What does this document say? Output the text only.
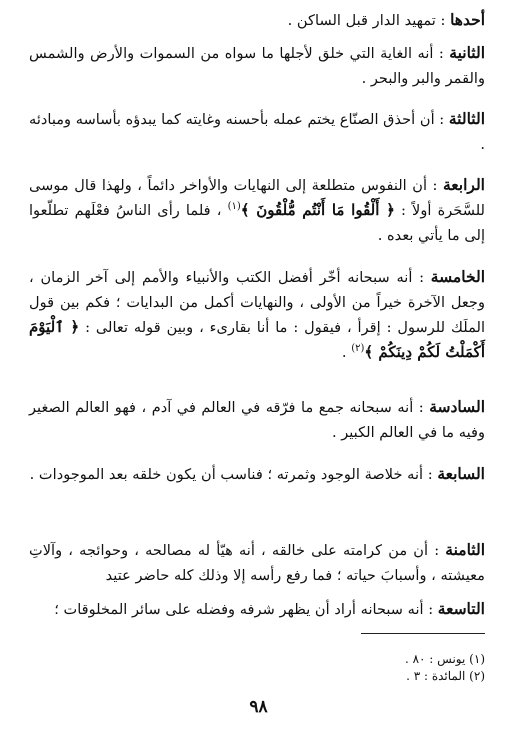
أحدها : تمهيد الدار قبل الساكن .
الثانية : أنه الغاية التي خلق لأجلها ما سواه من السموات والأرض والشمس والقمر والبر والبحر .
الثالثة : أن أحذق الصنّاع يختم عمله بأحسنه وغايته كما يبدؤه بأساسه ومبادئه .
الرابعة : أن النفوس متطلعة إلى النهايات والأواخر دائماً ، ولهذا قال موسى للسَّحَرة أولاً : ﴿ أَلْقُوا مَا أَنْتُم مُّلْقُونَ ﴾$^{(١)}$ ، فلما رأى الناسُ فعْلَهم تطلّعوا إلى ما يأتي بعده .
الخامسة : أنه سبحانه أخّر أفضل الكتب والأنبياء والأمم إلى آخر الزمان ، وجعل الآخرة خيراً من الأولى ، والنهايات أكمل من البدايات ؛ فكم بين قول الملَك للرسول : إقرأ ، فيقول : ما أنا بقارىء ، وبين قوله تعالى : ﴿ ٱلْيَوْمَ أَكْمَلْتُ لَكُمْ دِينَكُمْ ﴾$^{(٢)}$ .
السادسة : أنه سبحانه جمع ما فرّقه في العالم في آدم ، فهو العالم الصغير وفيه ما في العالم الكبير .
السابعة : أنه خلاصة الوجود وثمرته ؛ فناسب أن يكون خلقه بعد الموجودات .
الثامنة : أن من كرامته على خالقه ، أنه هيّأ له مصالحه ، وحوائجه ، وآلاتِ معيشته ، وأسبابَ حياته ؛ فما رفع رأسه إلا وذلك كله حاضر عتيد
التاسعة : أنه سبحانه أراد أن يظهر شرفه وفضله على سائر المخلوقات ؛
(١) يونس : ٨٠ .
(٢) المائدة : ٣ .
٩٨
